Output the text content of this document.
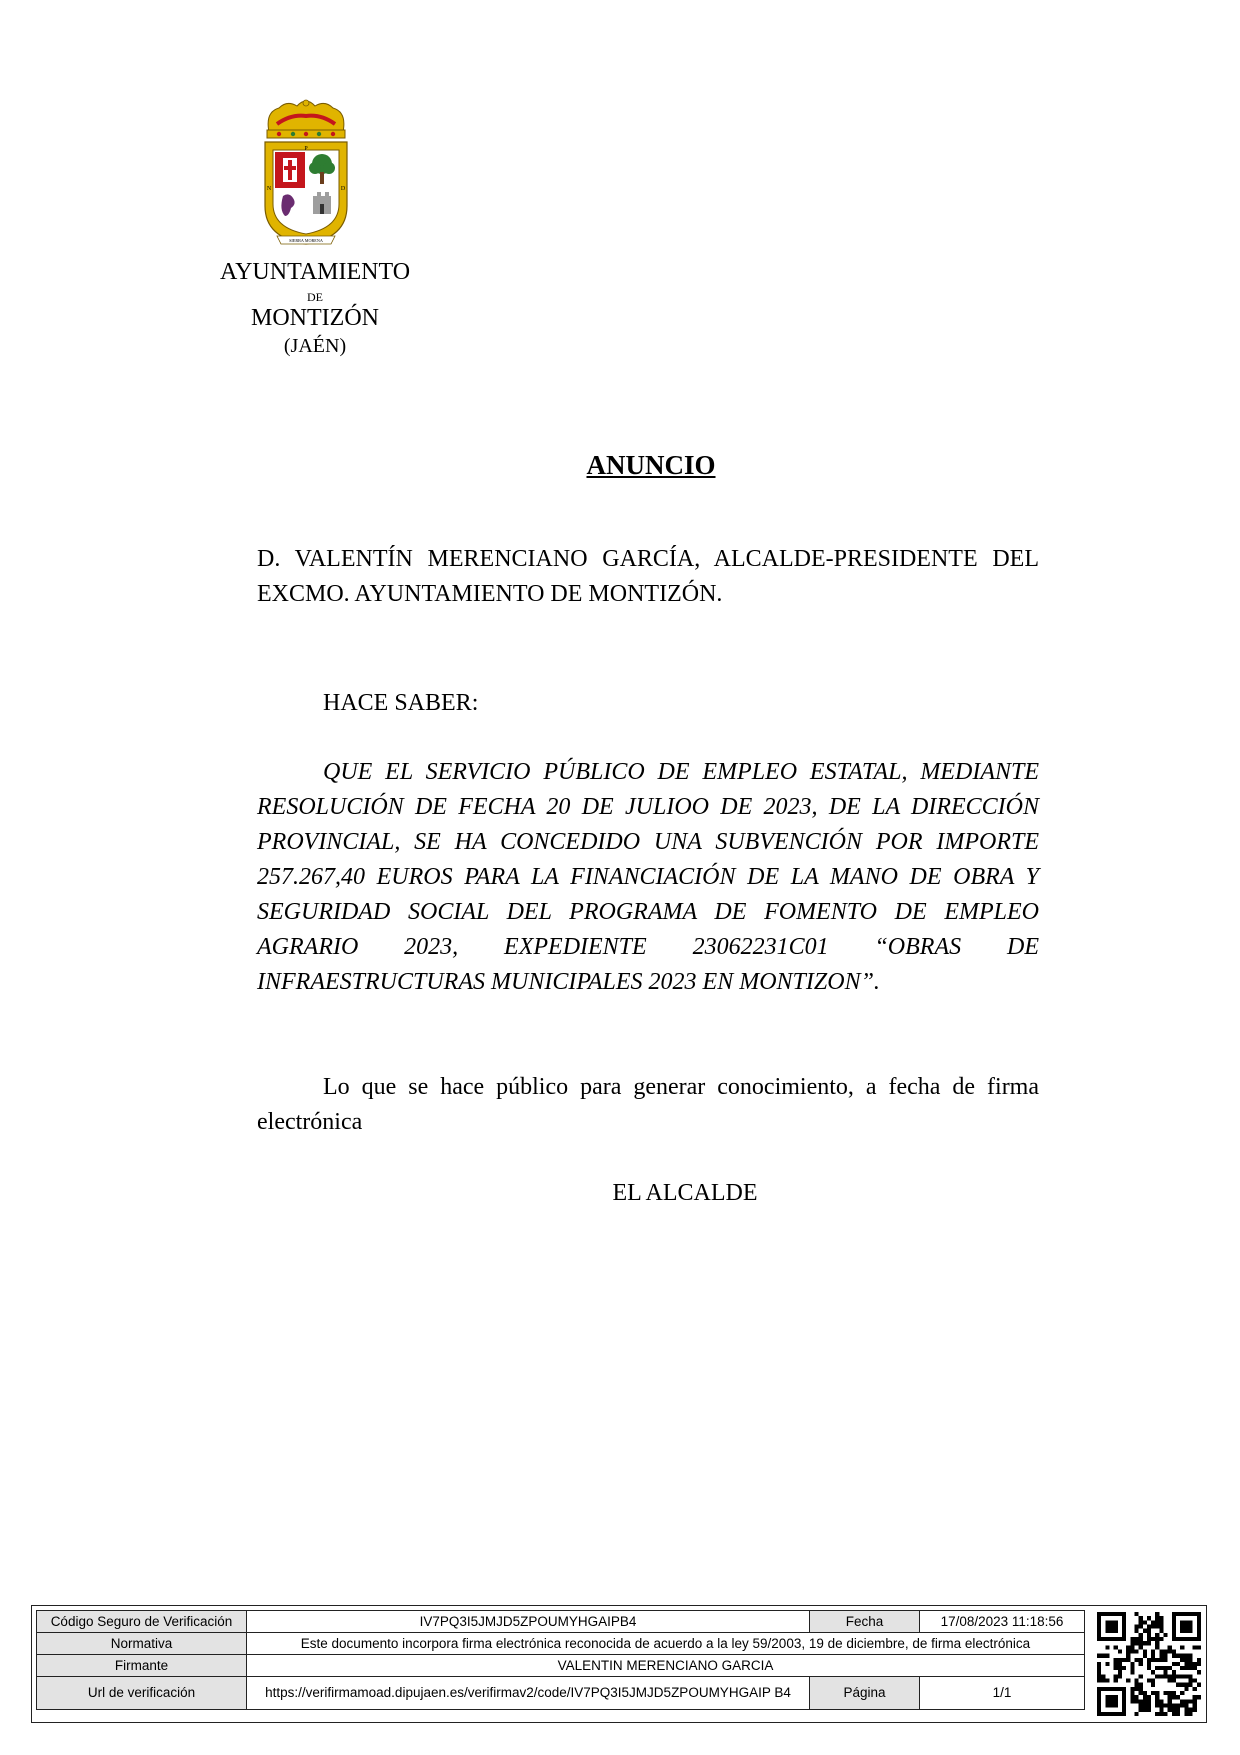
P
N	D
SIERRA MORENA
AYUNTAMIENTO
DE
MONTIZÓN
(JAÉN)
ANUNCIO

D. VALENTÍN MERENCIANO GARCÍA, ALCALDE-PRESIDENTE DEL EXCMO. AYUNTAMIENTO DE MONTIZÓN.

HACE SABER:

QUE EL SERVICIO PÚBLICO DE EMPLEO ESTATAL, MEDIANTE RESOLUCIÓN DE FECHA 20 DE JULIOO DE 2023, DE LA DIRECCIÓN PROVINCIAL, SE HA CONCEDIDO UNA SUBVENCIÓN POR IMPORTE 257.267,40 EUROS PARA LA FINANCIACIÓN DE LA MANO DE OBRA Y SEGURIDAD SOCIAL DEL PROGRAMA DE FOMENTO DE EMPLEO AGRARIO 2023, EXPEDIENTE 23062231C01 “OBRAS DE INFRAESTRUCTURAS MUNICIPALES 2023 EN MONTIZON”.

Lo que se hace público para generar conocimiento, a fecha de firma electrónica

EL ALCALDE
Código Seguro de Verificación	IV7PQ3I5JMJD5ZPOUMYHGAIPB4	Fecha	17/08/2023 11:18:56
Normativa	Este documento incorpora firma electrónica reconocida de acuerdo a la ley 59/2003, 19 de diciembre, de firma electrónica		
Firmante	VALENTIN MERENCIANO GARCIA		
Url de verificación	https://verifirmamoad.dipujaen.es/verifirmav2/code/IV7PQ3I5JMJD5ZPOUMYHGAIP B4	Página	1/1
